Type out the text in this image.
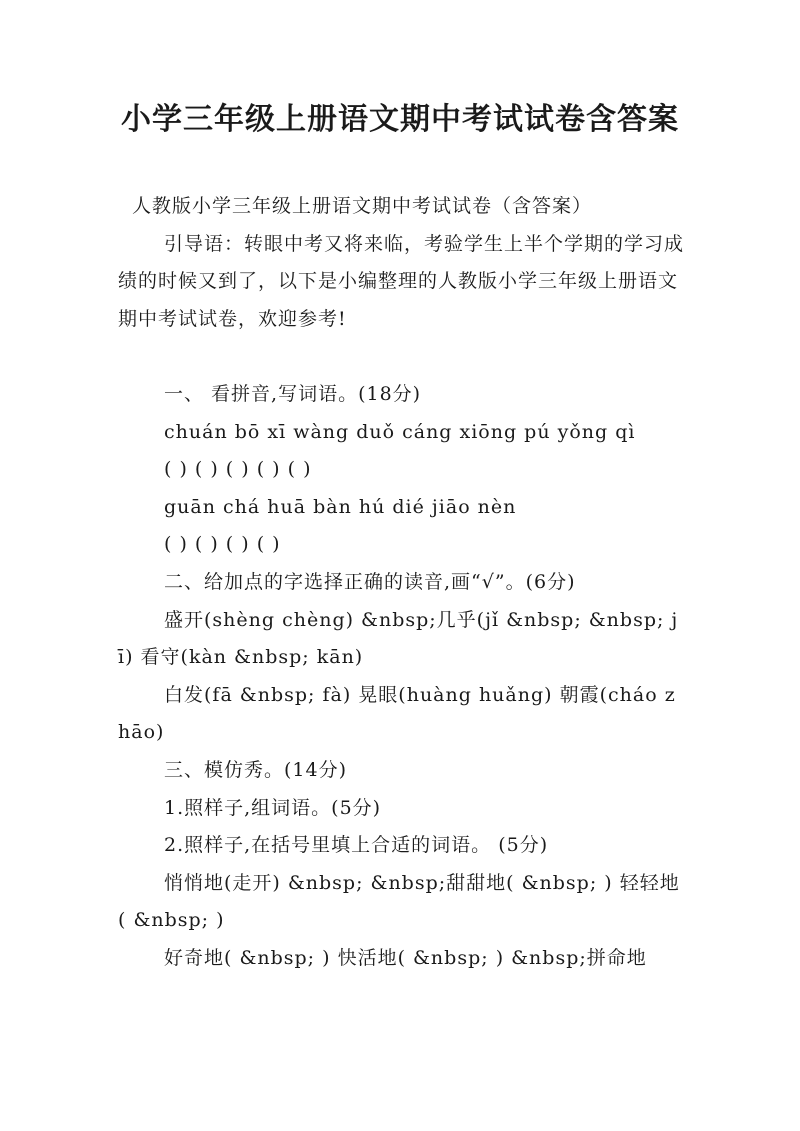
小学三年级上册语文期中考试试卷含答案

人教版小学三年级上册语文期中考试试卷（含答案）

引导语：转眼中考又将来临，考验学生上半个学期的学习成绩的时候又到了，以下是小编整理的人教版小学三年级上册语文期中考试试卷，欢迎参考!

一、 看拼音,写词语。(18分)

chuán bō xī wàng duǒ cáng xiōng pú yǒng qì

( ) ( ) ( ) ( ) ( )

guān chá huā bàn hú dié jiāo nèn

( ) ( ) ( ) ( )

二、给加点的字选择正确的读音,画“√”。(6分)

盛开(shèng chèng) &nbsp;几乎(jǐ &nbsp; &nbsp; jī) 看守(kàn &nbsp; kān)

白发(fā &nbsp; fà) 晃眼(huàng huǎng) 朝霞(cháo zhāo)

三、模仿秀。(14分)

1.照样子,组词语。(5分)

2.照样子,在括号里填上合适的词语。 (5分)

悄悄地(走开) &nbsp; &nbsp;甜甜地( &nbsp; ) 轻轻地( &nbsp; )

好奇地( &nbsp; ) 快活地( &nbsp; ) &nbsp;拼命地
